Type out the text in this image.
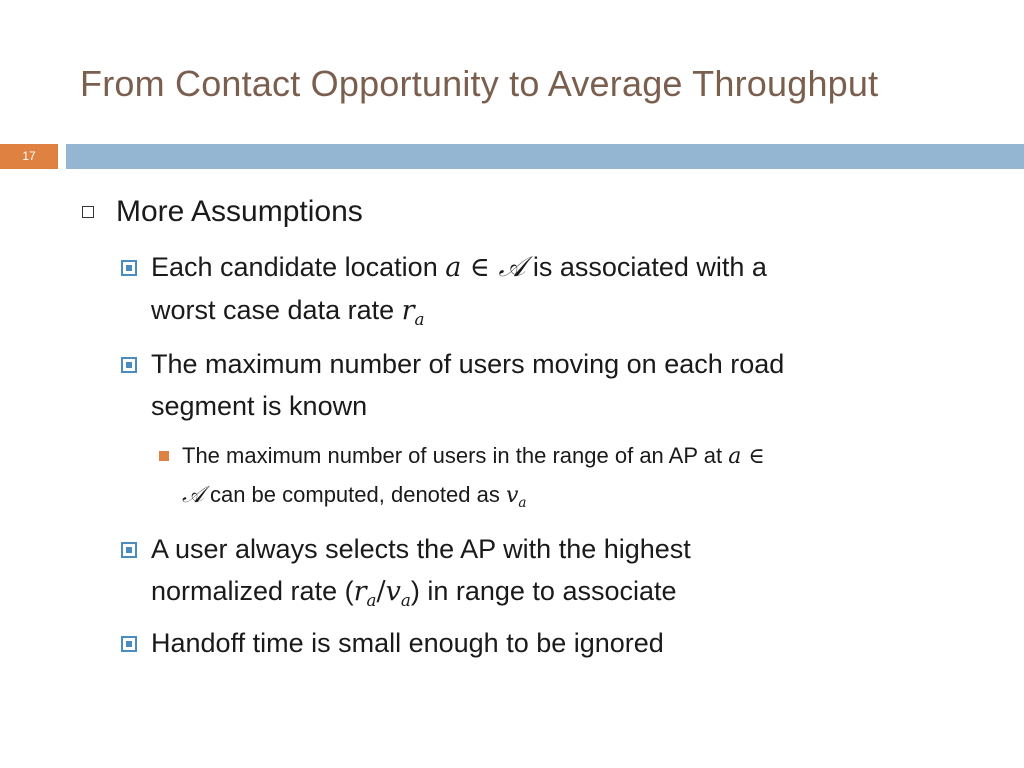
From Contact Opportunity to Average Throughput
17
More Assumptions
Each candidate location a ∈ 𝒜 is associated with a
worst case data rate $r_a$
The maximum number of users moving on each road
segment is known
The maximum number of users in the range of an AP at a ∈
𝒜 can be computed, denoted as $v_a$
A user always selects the AP with the highest
normalized rate $(r_a/v_a)$ in range to associate
Handoff time is small enough to be ignored
